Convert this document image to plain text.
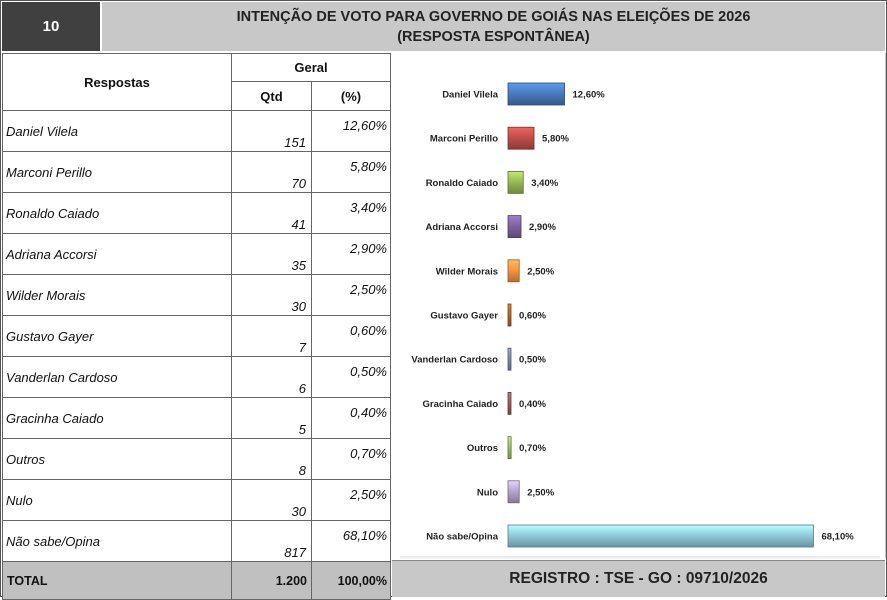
10
INTENÇÃO DE VOTO PARA GOVERNO DE GOIÁS NAS ELEIÇÕES DE 2026
(RESPOSTA ESPONTÂNEA)
Respostas	Geral	
	Qtd	(%)
Daniel Vilela	151	12,60%
Marconi Perillo	70	5,80%
Ronaldo Caiado	41	3,40%
Adriana Accorsi	35	2,90%
Wilder Morais	30	2,50%
Gustavo Gayer	7	0,60%
Vanderlan Cardoso	6	0,50%
Gracinha Caiado	5	0,40%
Outros	8	0,70%
Nulo	30	2,50%
Não sabe/Opina	817	68,10%
TOTAL	1.200	100,00%
Daniel Vilela	12,60%
Marconi Perillo	5,80%
Ronaldo Caiado	3,40%
Adriana Accorsi	2,90%
Wilder Morais	2,50%
Gustavo Gayer 0,60%
Vanderlan Cardoso 0,50%
Gracinha Caiado 0,40%
Outros 0,70%
Nulo	2,50%
Não sabe/Opina	68,10%
REGISTRO : TSE - GO : 09710/2026
